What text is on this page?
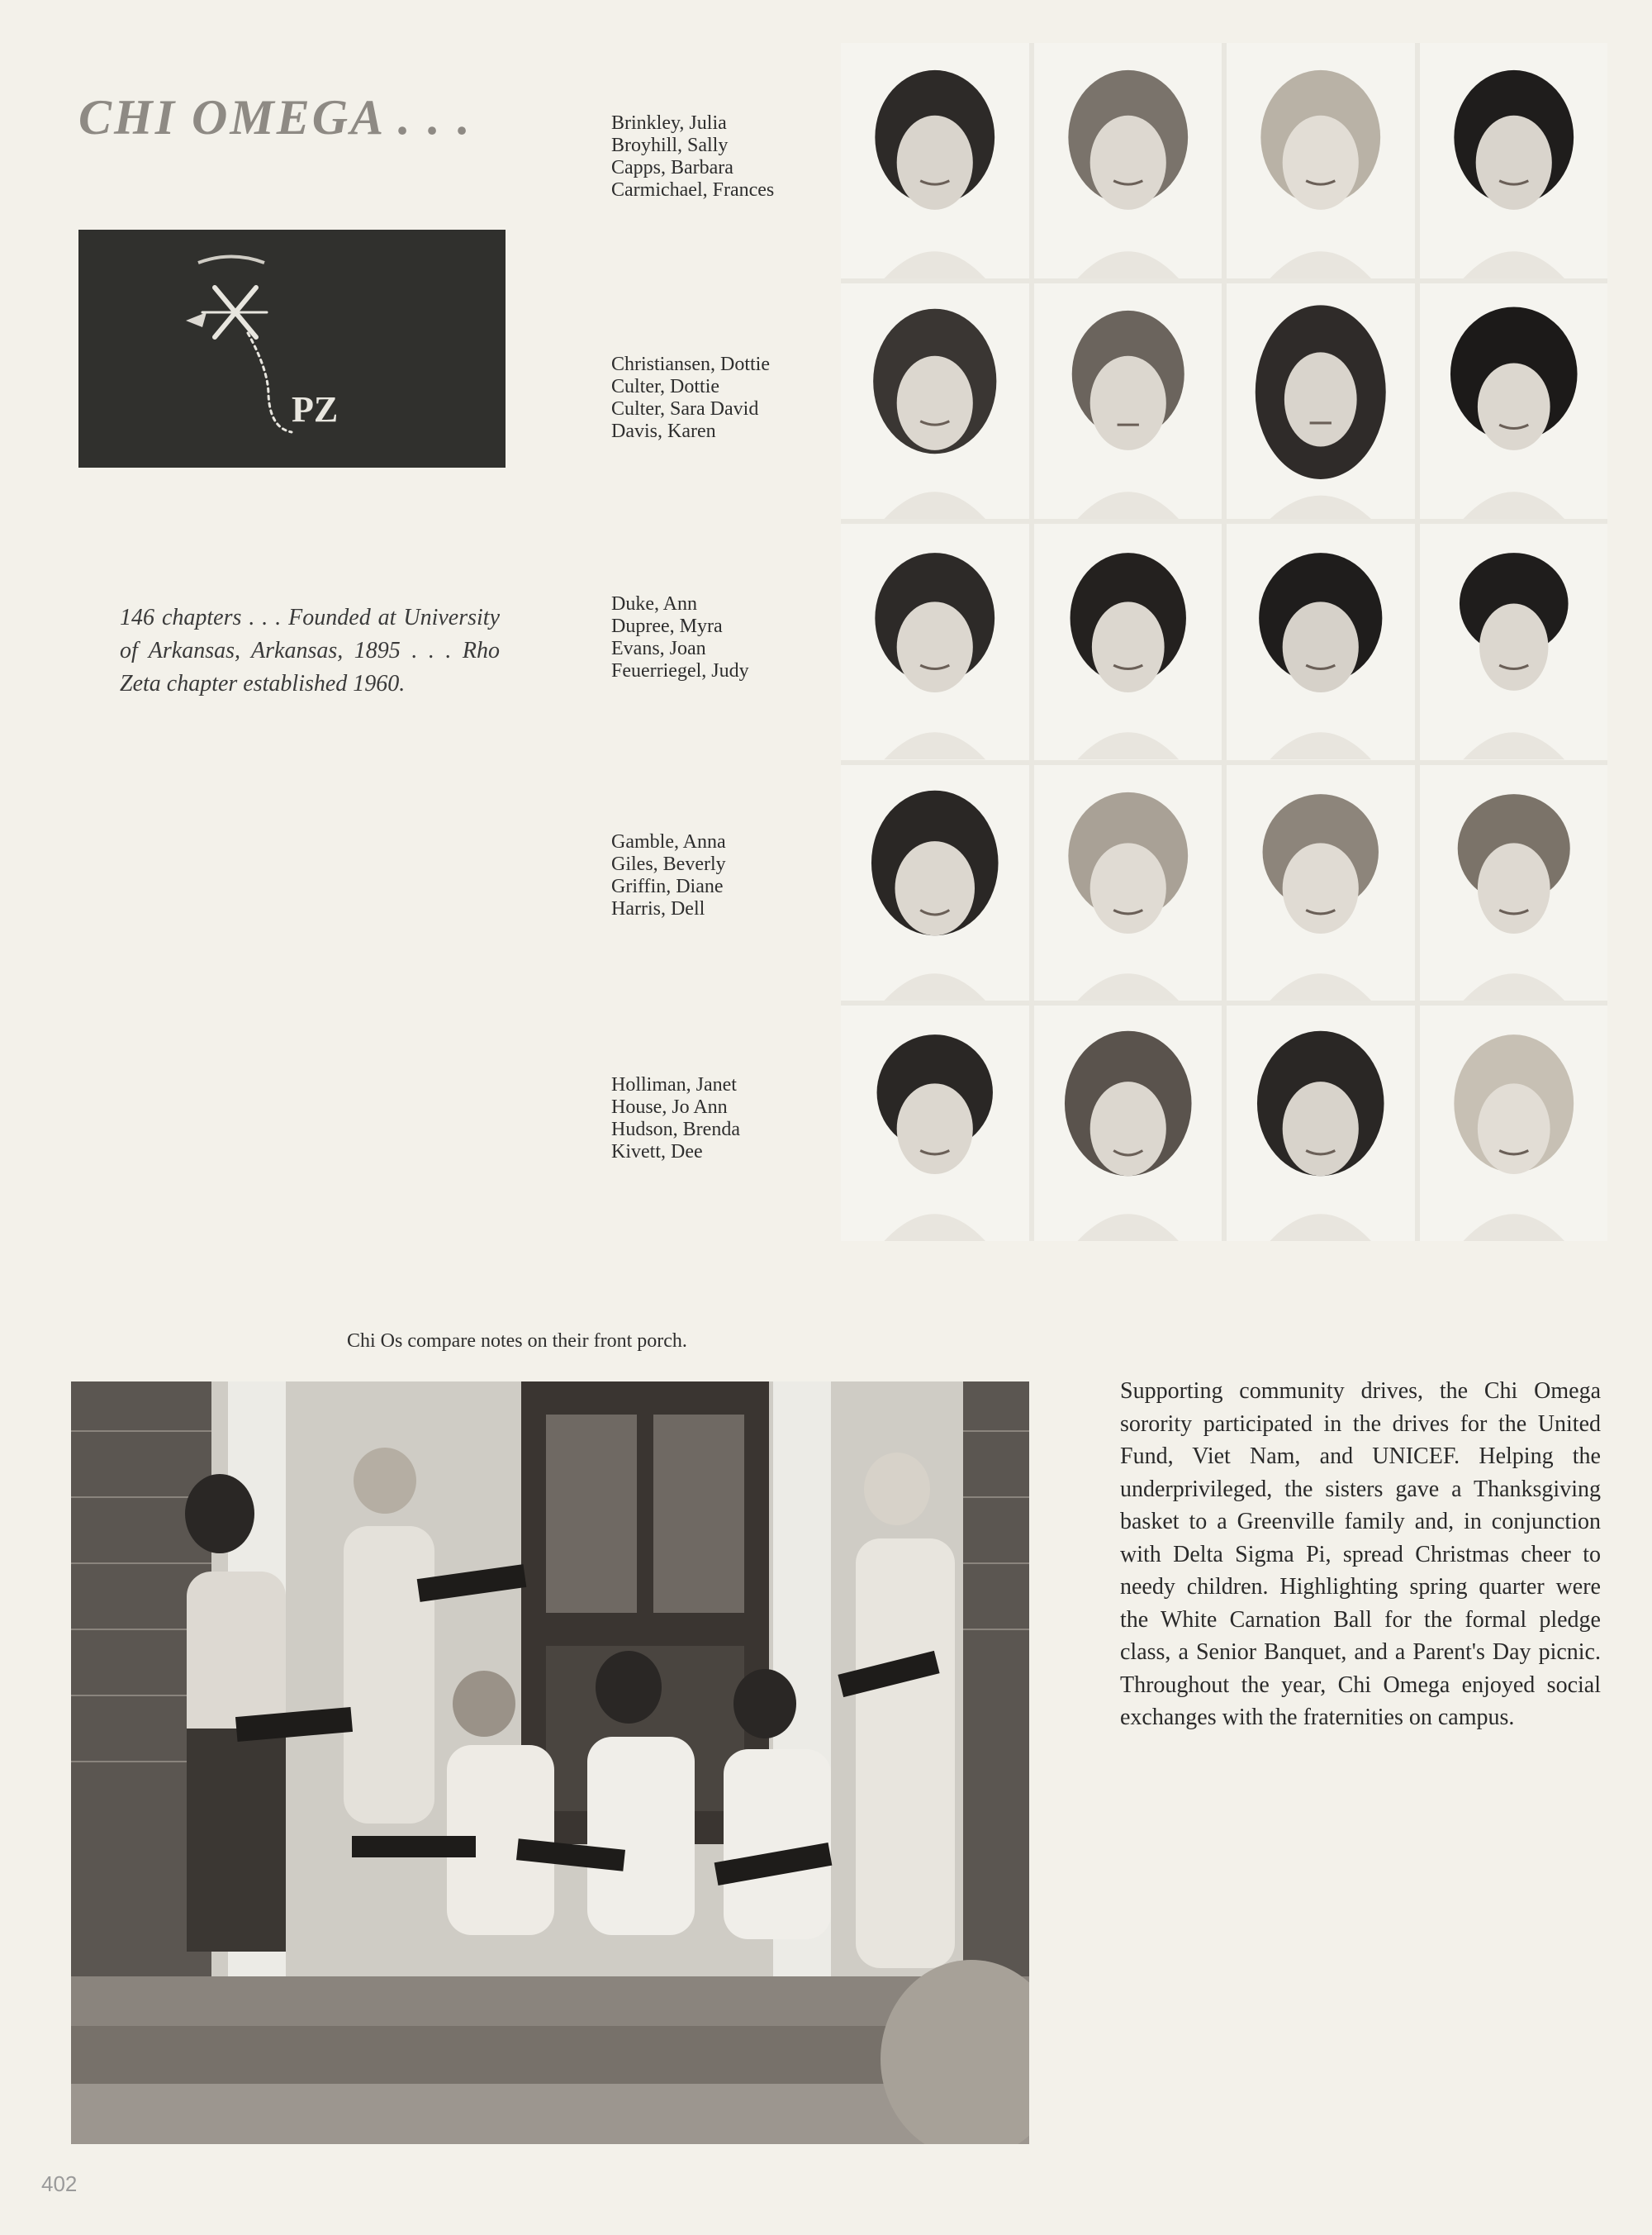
CHI OMEGA . . .
PZ

146 chapters . . . Founded at University of Arkansas, Arkansas, 1895 . . . Rho Zeta chapter established 1960.

Brinkley, Julia
Broyhill, Sally
Capps, Barbara
Carmichael, Frances
Christiansen, Dottie
Culter, Dottie
Culter, Sara David
Davis, Karen
Duke, Ann
Dupree, Myra
Evans, Joan
Feuerriegel, Judy
Gamble, Anna
Giles, Beverly
Griffin, Diane
Harris, Dell
Holliman, Janet
House, Jo Ann
Hudson, Brenda
Kivett, Dee

Chi Os compare notes on their front porch.

Supporting community drives, the Chi Omega sorority participated in the drives for the United Fund, Viet Nam, and UNICEF. Helping the underprivileged, the sisters gave a Thanksgiving basket to a Greenville family and, in conjunction with Delta Sigma Pi, spread Christmas cheer to needy children. Highlighting spring quarter were the White Carnation Ball for the formal pledge class, a Senior Banquet, and a Parent's Day picnic. Throughout the year, Chi Omega enjoyed social exchanges with the fraternities on campus.

402
